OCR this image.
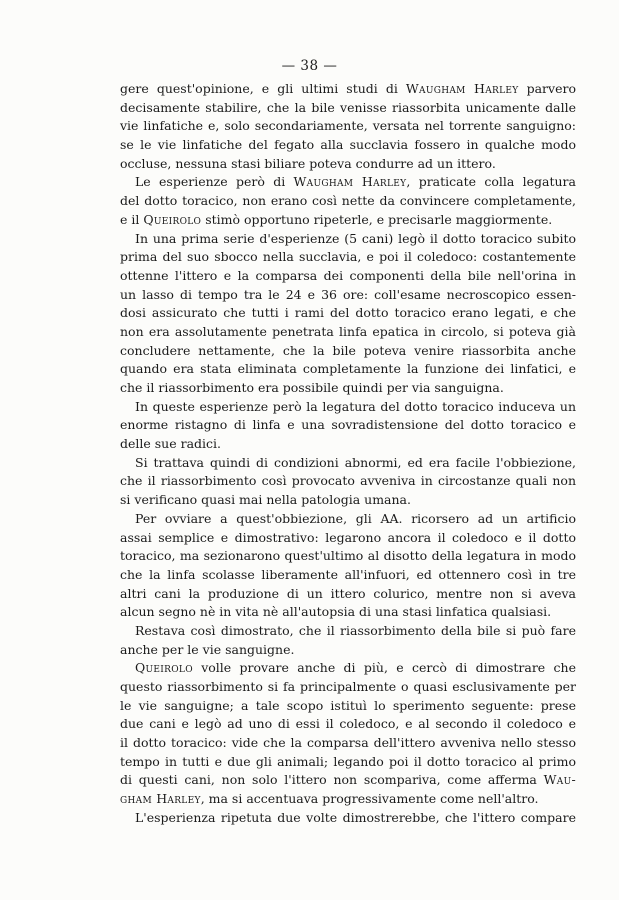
— 38 —
gere quest'opinione, e gli ultimi studi di Waugham Harley parvero
decisamente stabilire, che la bile venisse riassorbita unicamente dalle
vie linfatiche e, solo secondariamente, versata nel torrente sanguigno:
se le vie linfatiche del fegato alla succlavia fossero in qualche modo
occluse, nessuna stasi biliare poteva condurre ad un ittero.
Le esperienze però di Waugham Harley, praticate colla legatura
del dotto toracico, non erano così nette da convincere completamente,
e il Queirolo stimò opportuno ripeterle, e precisarle maggiormente.
In una prima serie d'esperienze (5 cani) legò il dotto toracico subito
prima del suo sbocco nella succlavia, e poi il coledoco: costantemente
ottenne l'ittero e la comparsa dei componenti della bile nell'orina in
un lasso di tempo tra le 24 e 36 ore: coll'esame necroscopico essen-
dosi assicurato che tutti i rami del dotto toracico erano legati, e che
non era assolutamente penetrata linfa epatica in circolo, si poteva già
concludere nettamente, che la bile poteva venire riassorbita anche
quando era stata eliminata completamente la funzione dei linfatici, e
che il riassorbimento era possibile quindi per via sanguigna.
In queste esperienze però la legatura del dotto toracico induceva un
enorme ristagno di linfa e una sovradistensione del dotto toracico e
delle sue radici.
Si trattava quindi di condizioni abnormi, ed era facile l'obbiezione,
che il riassorbimento così provocato avveniva in circostanze quali non
si verificano quasi mai nella patologia umana.
Per ovviare a quest'obbiezione, gli AA. ricorsero ad un artificio
assai semplice e dimostrativo: legarono ancora il coledoco e il dotto
toracico, ma sezionarono quest'ultimo al disotto della legatura in modo
che la linfa scolasse liberamente all'infuori, ed ottennero così in tre
altri cani la produzione di un ittero colurico, mentre non si aveva
alcun segno nè in vita nè all'autopsia di una stasi linfatica qualsiasi.
Restava così dimostrato, che il riassorbimento della bile si può fare
anche per le vie sanguigne.
Queirolo volle provare anche di più, e cercò di dimostrare che
questo riassorbimento si fa principalmente o quasi esclusivamente per
le vie sanguigne; a tale scopo istituì lo sperimento seguente: prese
due cani e legò ad uno di essi il coledoco, e al secondo il coledoco e
il dotto toracico: vide che la comparsa dell'ittero avveniva nello stesso
tempo in tutti e due gli animali; legando poi il dotto toracico al primo
di questi cani, non solo l'ittero non scompariva, come afferma Wau-
gham Harley, ma si accentuava progressivamente come nell'altro.
L'esperienza ripetuta due volte dimostrerebbe, che l'ittero compare
